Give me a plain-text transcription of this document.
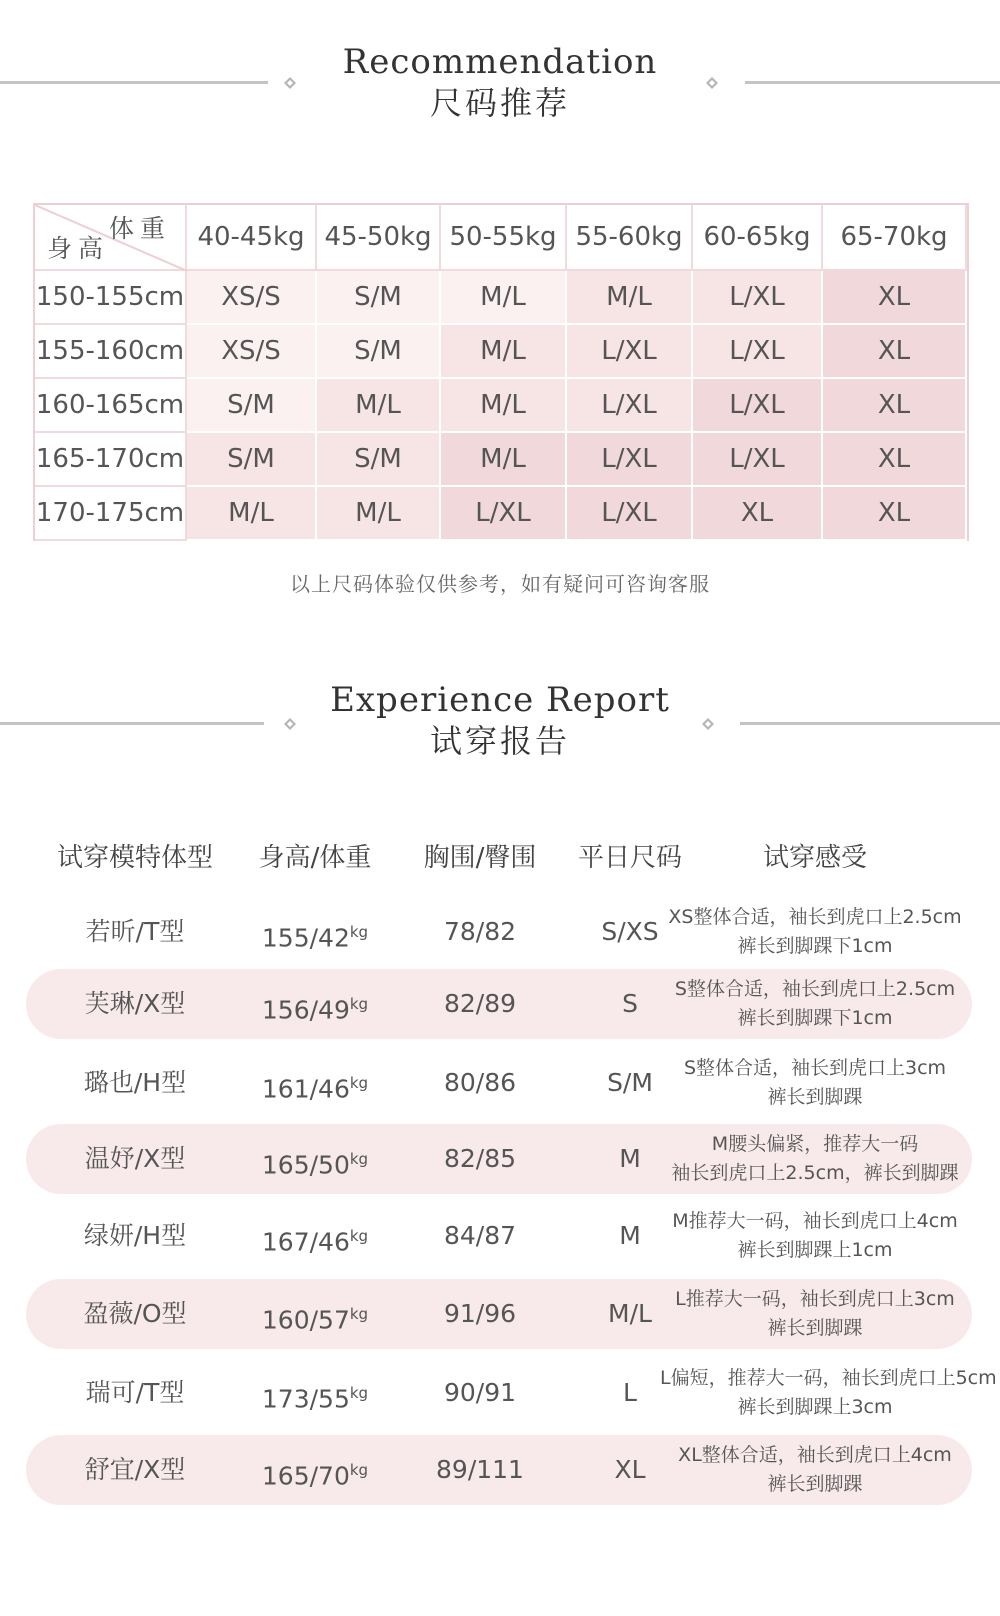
Recommendation
尺码推荐
体重
身高	40-45kg 45-50kg 50-55kg 55-60kg 60-65kg	65-70kg
150-155cm	XS/S	S/M	M/L	M/L	L/XL	XL
155-160cm	XS/S	S/M	M/L	L/XL	L/XL	XL
160-165cm	S/M	M/L	M/L	L/XL	L/XL	XL
165-170cm	S/M	S/M	M/L	L/XL	L/XL	XL
170-175cm	M/L	M/L	L/XL	L/XL	XL	XL
以上尺码体验仅供参考，如有疑问可咨询客服
Experience Report
试穿报告
试穿模特体型	身高/体重	胸围/臀围	平日尺码	试穿感受
若昕/T型	$155/42^{kg}$	78/82	S/XS XS整体合适，袖长到虎口上2.5cm
裤长到脚踝下1cm
芙琳/X型	$156/49^{kg}$	82/89	S	S整体合适，袖长到虎口上2.5cm
裤长到脚踝下1cm
璐也/H型	$161/46^{kg}$	80/86	S/M	S整体合适，袖长到虎口上3cm
裤长到脚踝
温妤/X型	$165/50^{kg}$	82/85	M	M腰头偏紧，推荐大一码
袖长到虎口上2.5cm，裤长到脚踝
绿妍/H型	$167/46^{kg}$	84/87	M	M推荐大一码，袖长到虎口上4cm
裤长到脚踝上1cm
盈薇/O型	$160/57^{kg}$	91/96	M/L	L推荐大一码，袖长到虎口上3cm
裤长到脚踝
瑞可/T型	$173/55^{kg}$	90/91	L	L偏短，推荐大一码，袖长到虎口上5cm
裤长到脚踝上3cm
舒宜/X型	$165/70^{kg}$	89/111	XL	XL整体合适，袖长到虎口上4cm
裤长到脚踝
